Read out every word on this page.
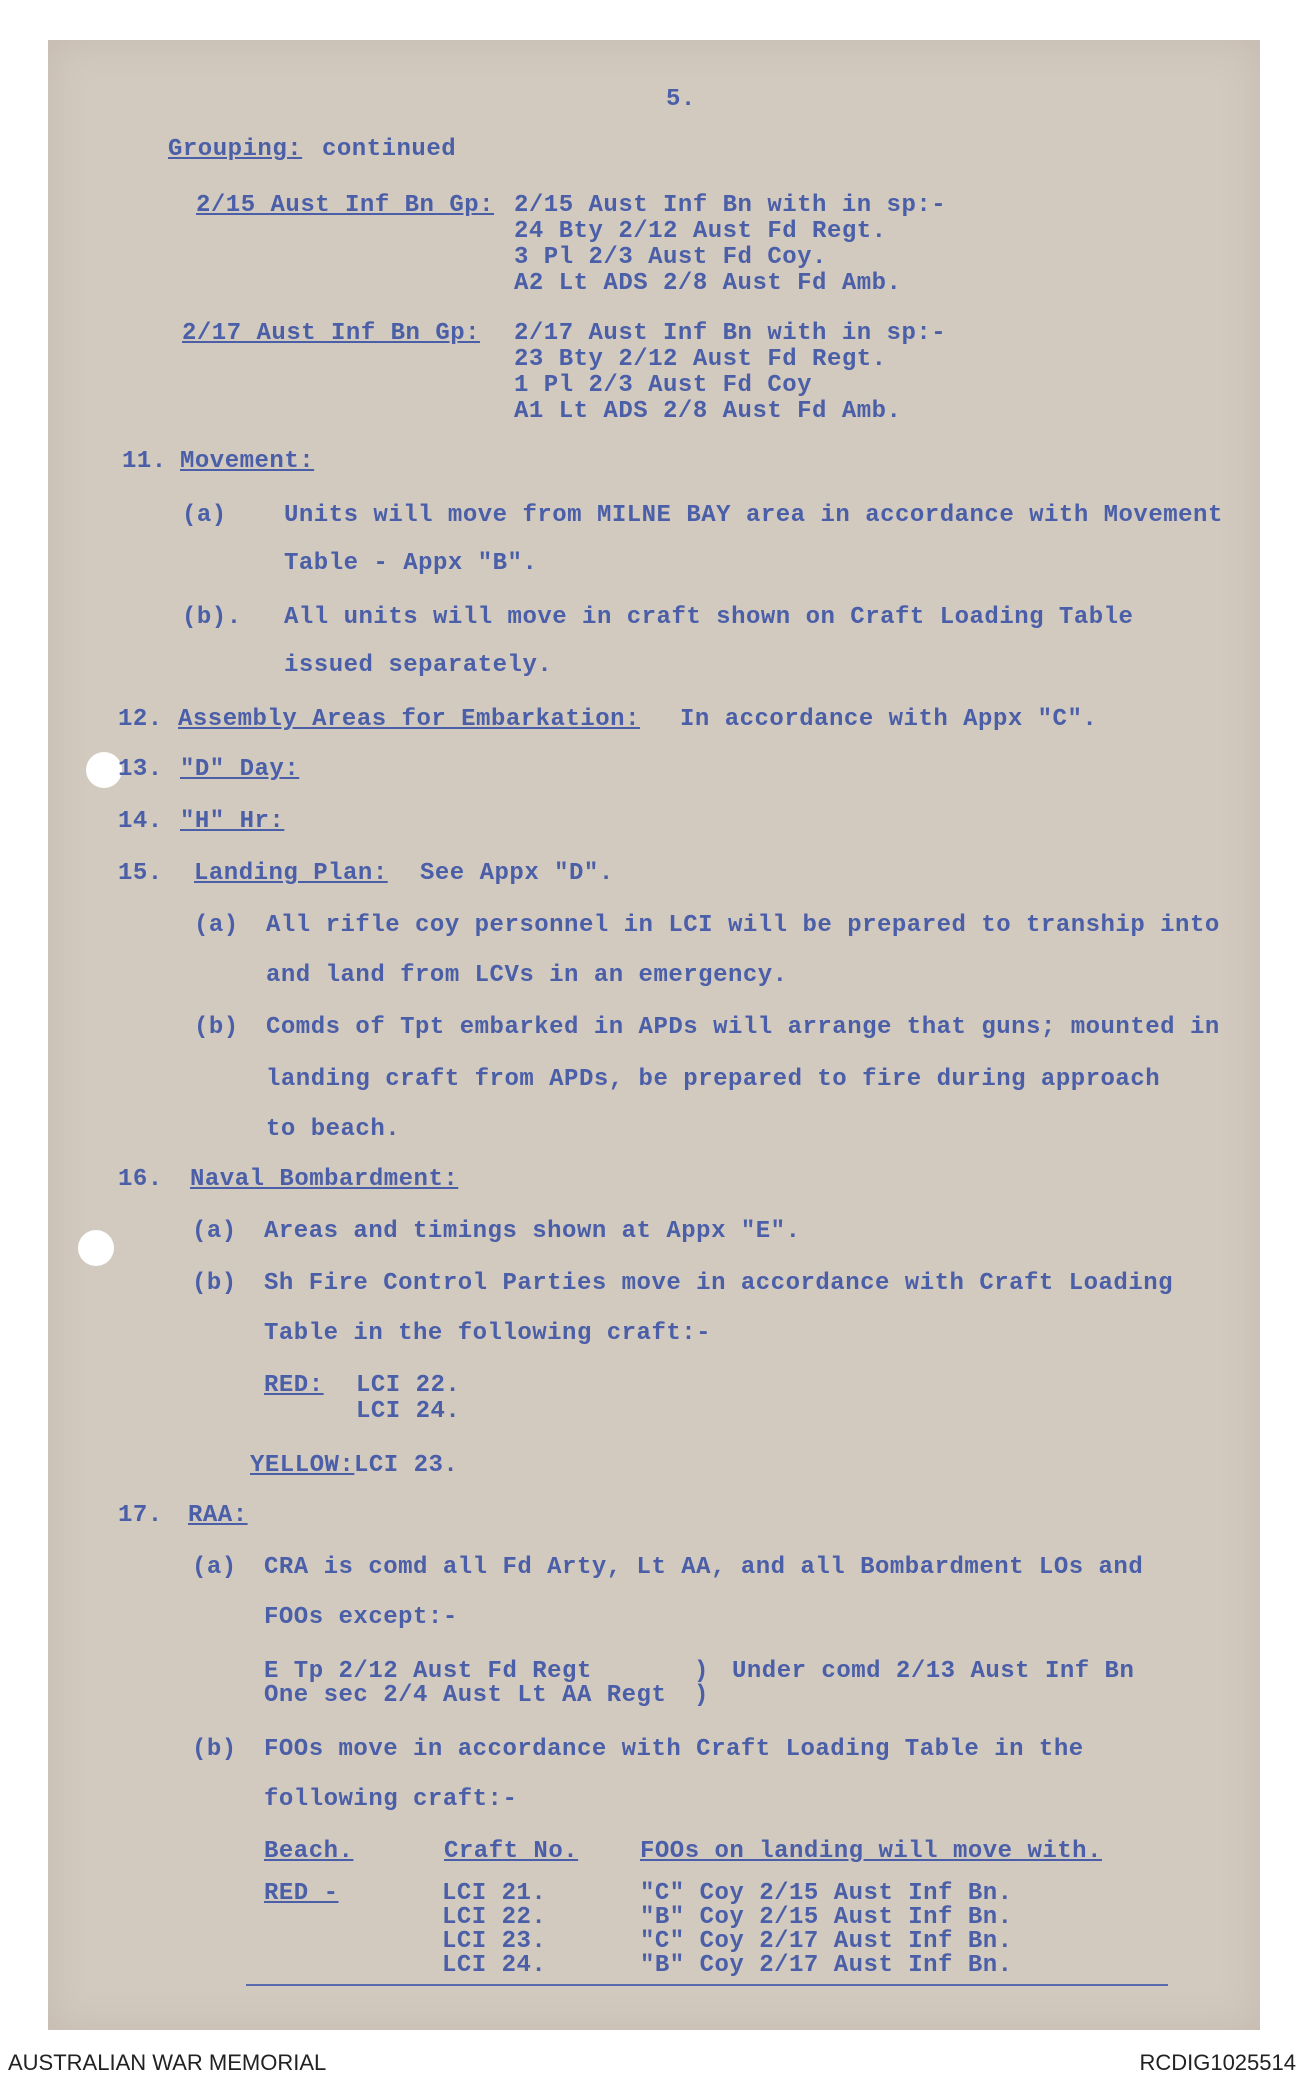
5.
Grouping: continued
2/15 Aust Inf Bn Gp: 2/15 Aust Inf Bn with in sp:-
24 Bty 2/12 Aust Fd Regt.
3 Pl 2/3 Aust Fd Coy.
A2 Lt ADS 2/8 Aust Fd Amb.
2/17 Aust Inf Bn Gp: 2/17 Aust Inf Bn with in sp:-
23 Bty 2/12 Aust Fd Regt.
1 Pl 2/3 Aust Fd Coy
A1 Lt ADS 2/8 Aust Fd Amb.
11. Movement:
(a) Units will move from MILNE BAY area in accordance with Movement
Table - Appx "B".
(b). All units will move in craft shown on Craft Loading Table
issued separately.
12. Assembly Areas for Embarkation: In accordance with Appx "C".
13. "D" Day:
14. "H" Hr:
15. Landing Plan: See Appx "D".
(a) All rifle coy personnel in LCI will be prepared to tranship into
and land from LCVs in an emergency.
(b) Comds of Tpt embarked in APDs will arrange that guns; mounted in
landing craft from APDs, be prepared to fire during approach
to beach.
16. Naval Bombardment:
(a) Areas and timings shown at Appx "E".
(b) Sh Fire Control Parties move in accordance with Craft Loading
Table in the following craft:-
RED: LCI 22.
LCI 24.
YELLOW: LCI 23.
17. RAA:
(a) CRA is comd all Fd Arty, Lt AA, and all Bombardment LOs and
FOOs except:-
E Tp 2/12 Aust Fd Regt
One sec 2/4 Aust Lt AA Regt
)
)
Under comd 2/13 Aust Inf Bn
(b) FOOs move in accordance with Craft Loading Table in the
following craft:-
Beach.	Craft No.	FOOs on landing will move with.
RED -	LCI 21.	"C" Coy 2/15 Aust Inf Bn.
LCI 22.	"B" Coy 2/15 Aust Inf Bn.
LCI 23.	"C" Coy 2/17 Aust Inf Bn.
LCI 24.	"B" Coy 2/17 Aust Inf Bn.
AUSTRALIAN WAR MEMORIAL	RCDIG1025514
